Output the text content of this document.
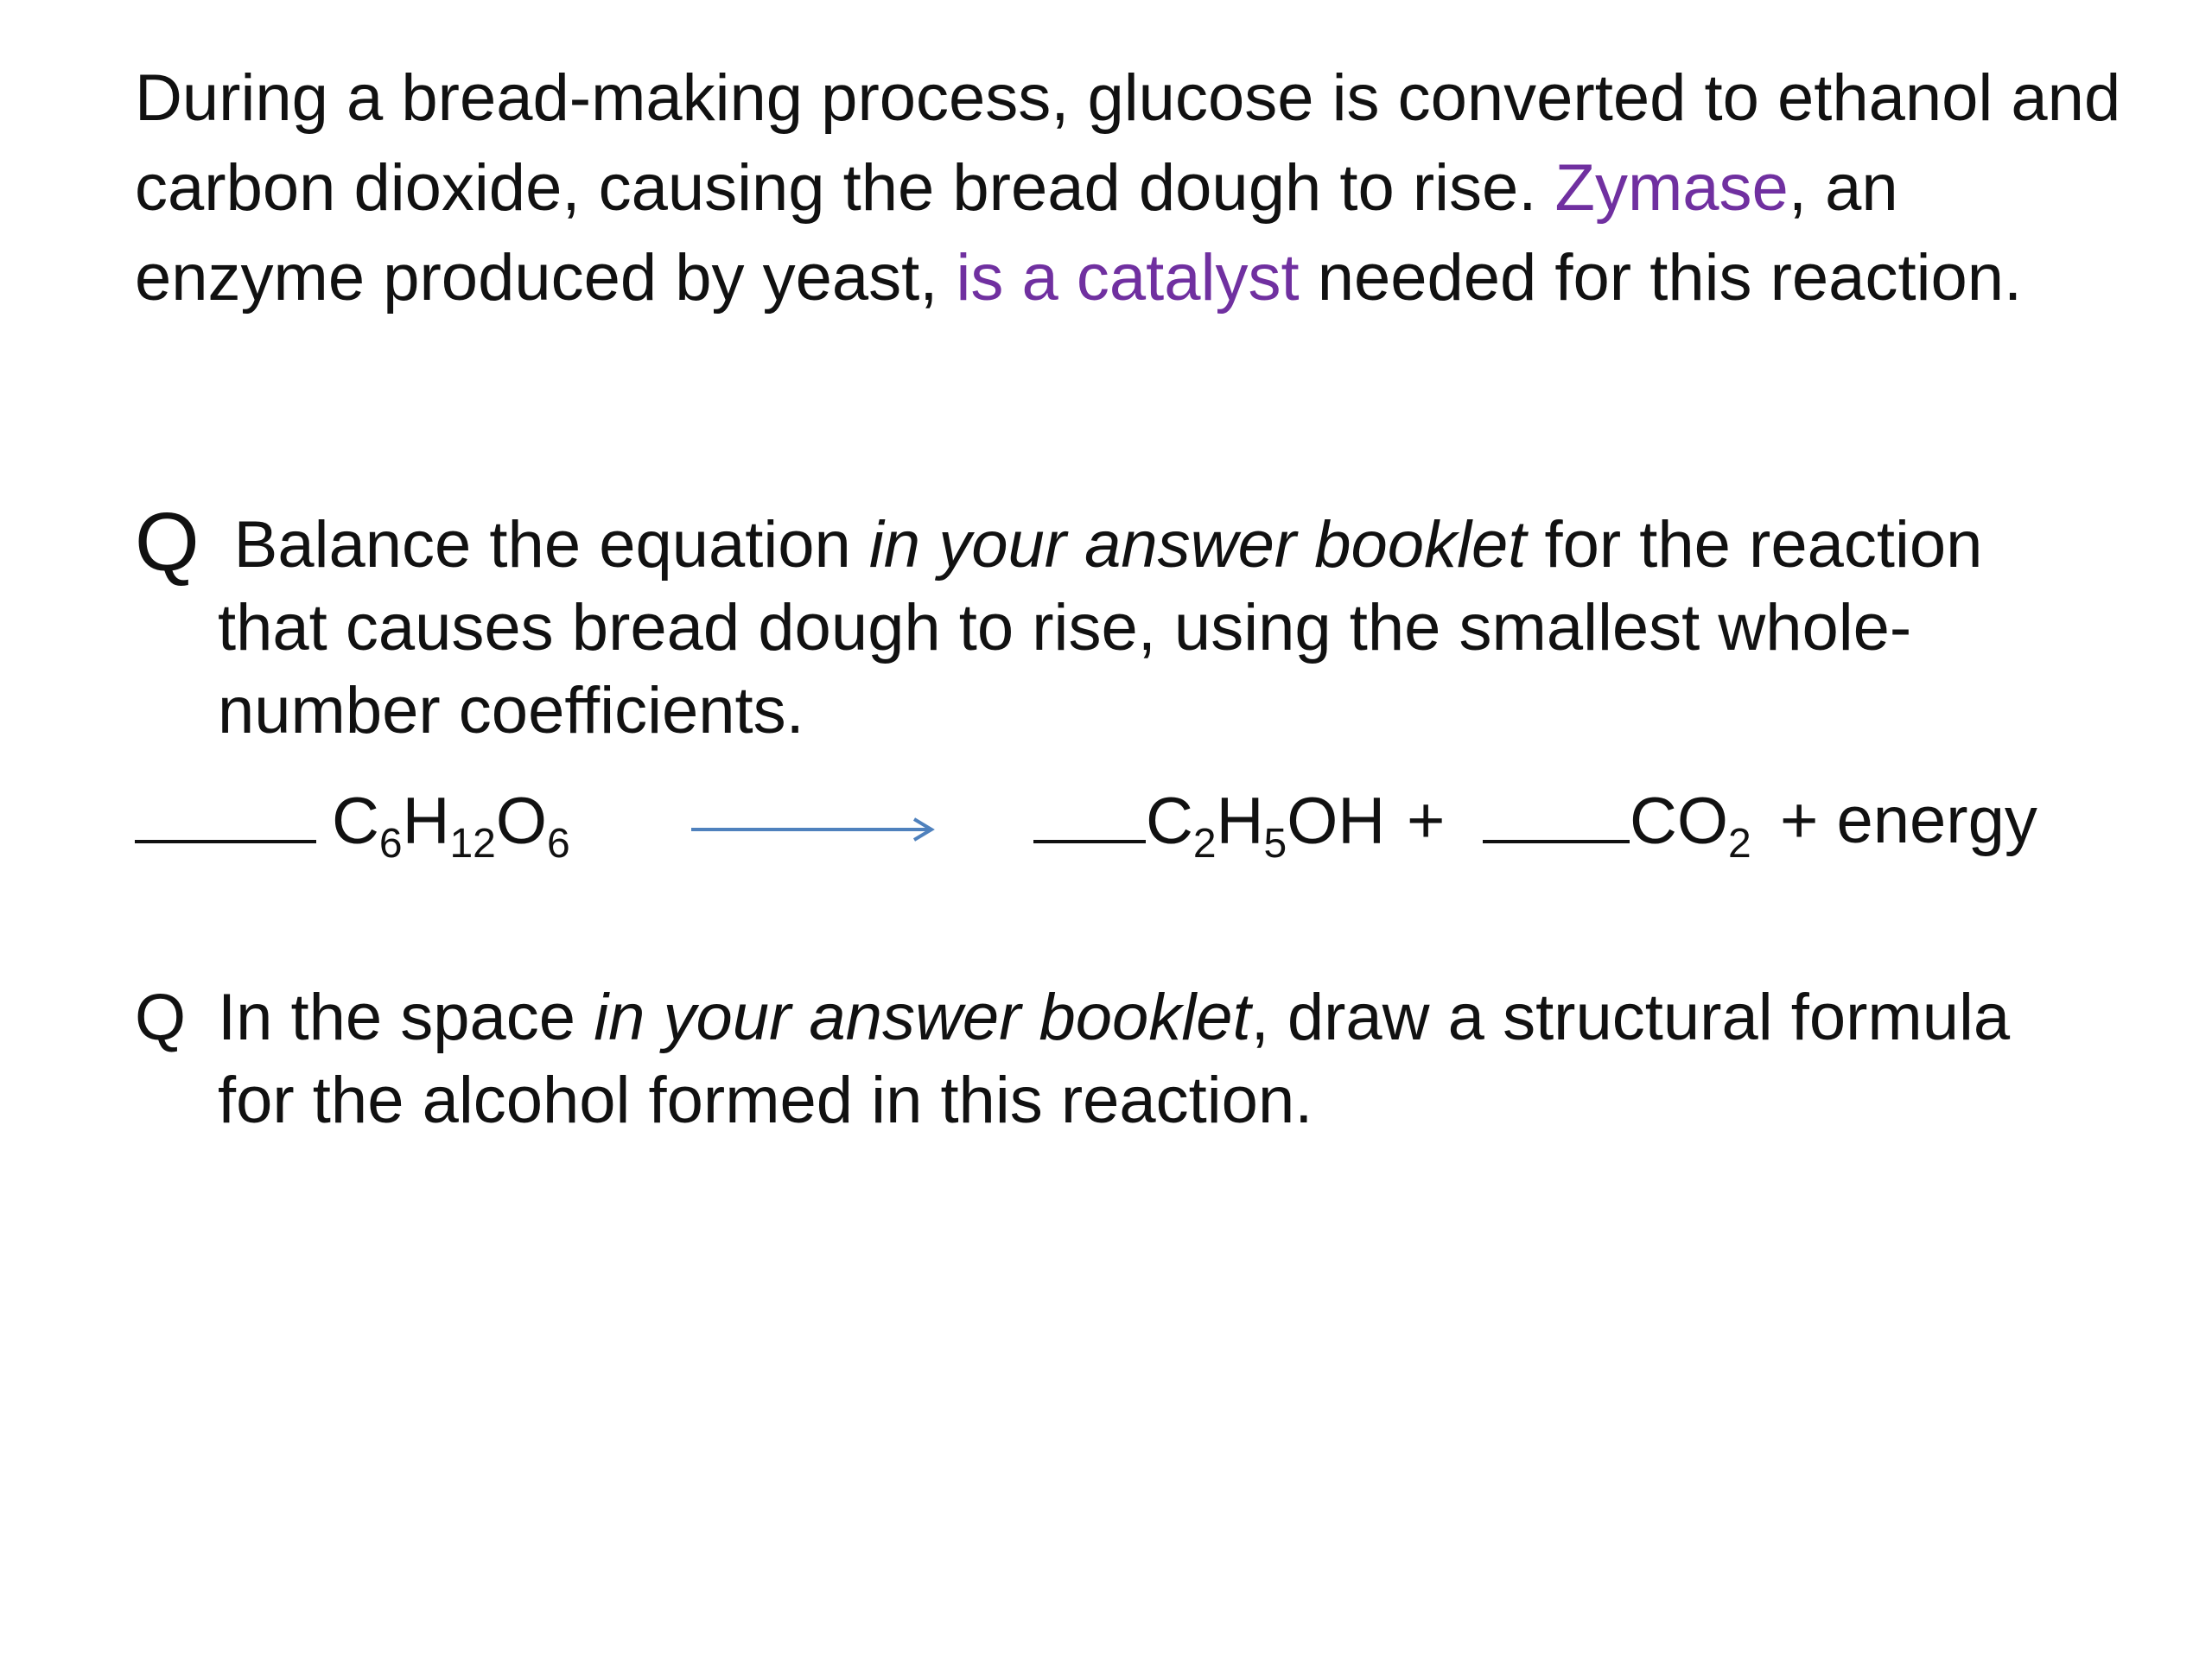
During a bread-making process, glucose is converted to ethanol and carbon dioxide, causing the bread dough to rise. Zymase, an enzyme produced by yeast, is a catalyst needed for this reaction.

Q Balance the equation in your answer booklet for the reaction
that causes bread dough to rise, using the smallest whole-number coefficients.
$C_6H_{12}O_6$	$C_2H_5OH$ +	$CO_2$ + energy
Q In the space in your answer booklet, draw a structural formula
for the alcohol formed in this reaction.
